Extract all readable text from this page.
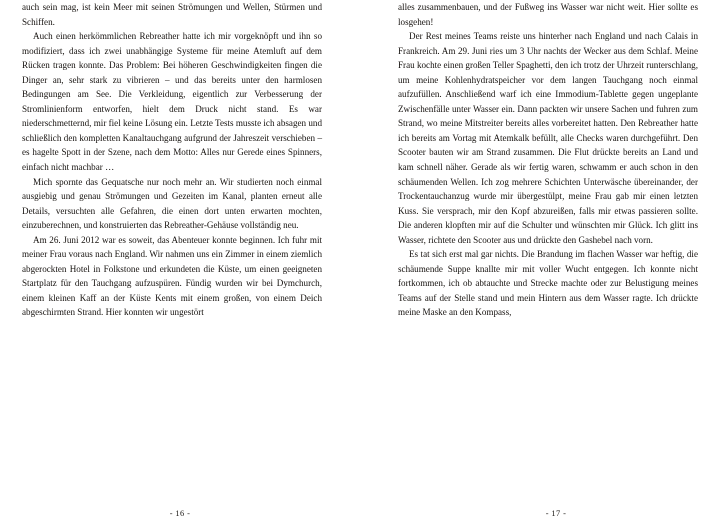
auch sein mag, ist kein Meer mit seinen Strömungen und Wellen, Stürmen und Schiffen.

Auch einen herkömmlichen Rebreather hatte ich mir vorgeknöpft und ihn so modifiziert, dass ich zwei unabhängige Systeme für meine Atemluft auf dem Rücken tragen konnte. Das Problem: Bei höheren Geschwindigkeiten fingen die Dinger an, sehr stark zu vibrieren – und das bereits unter den harmlosen Bedingungen am See. Die Verkleidung, eigentlich zur Verbesserung der Stromlinienform entworfen, hielt dem Druck nicht stand. Es war niederschmetternd, mir fiel keine Lösung ein. Letzte Tests musste ich absagen und schließlich den kompletten Kanaltauchgang aufgrund der Jahreszeit verschieben – es hagelte Spott in der Szene, nach dem Motto: Alles nur Gerede eines Spinners, einfach nicht machbar …

Mich spornte das Gequatsche nur noch mehr an. Wir studierten noch einmal ausgiebig und genau Strömungen und Gezeiten im Kanal, planten erneut alle Details, versuchten alle Gefahren, die einen dort unten erwarten mochten, einzuberechnen, und konstruierten das Rebreather-Gehäuse vollständig neu.

Am 26. Juni 2012 war es soweit, das Abenteuer konnte beginnen. Ich fuhr mit meiner Frau voraus nach England. Wir nahmen uns ein Zimmer in einem ziemlich abgerockten Hotel in Folkstone und erkundeten die Küste, um einen geeigneten Startplatz für den Tauchgang aufzuspüren. Fündig wurden wir bei Dymchurch, einem kleinen Kaff an der Küste Kents mit einem großen, von einem Deich abgeschirmten Strand. Hier konnten wir ungestört

- 16 -

alles zusammenbauen, und der Fußweg ins Wasser war nicht weit. Hier sollte es losgehen!

Der Rest meines Teams reiste uns hinterher nach England und nach Calais in Frankreich. Am 29. Juni ries um 3 Uhr nachts der Wecker aus dem Schlaf. Meine Frau kochte einen großen Teller Spaghetti, den ich trotz der Uhrzeit runterschlang, um meine Kohlenhydratspeicher vor dem langen Tauchgang noch einmal aufzufüllen. Anschließend warf ich eine Immodium-Tablette gegen ungeplante Zwischenfälle unter Wasser ein. Dann packten wir unsere Sachen und fuhren zum Strand, wo meine Mitstreiter bereits alles vorbereitet hatten. Den Rebreather hatte ich bereits am Vortag mit Atemkalk befüllt, alle Checks waren durchgeführt. Den Scooter bauten wir am Strand zusammen. Die Flut drückte bereits an Land und kam schnell näher. Gerade als wir fertig waren, schwamm er auch schon in den schäumenden Wellen. Ich zog mehrere Schichten Unterwäsche übereinander, der Trockentauchanzug wurde mir übergestülpt, meine Frau gab mir einen letzten Kuss. Sie versprach, mir den Kopf abzureißen, falls mir etwas passieren sollte. Die anderen klopften mir auf die Schulter und wünschten mir Glück. Ich glitt ins Wasser, richtete den Scooter aus und drückte den Gashebel nach vorn.

Es tat sich erst mal gar nichts. Die Brandung im flachen Wasser war heftig, die schäumende Suppe knallte mir mit voller Wucht entgegen. Ich konnte nicht fortkommen, ich ob abtauchte und Strecke machte oder zur Belustigung meines Teams auf der Stelle stand und mein Hintern aus dem Wasser ragte. Ich drückte meine Maske an den Kompass,

- 17 -
